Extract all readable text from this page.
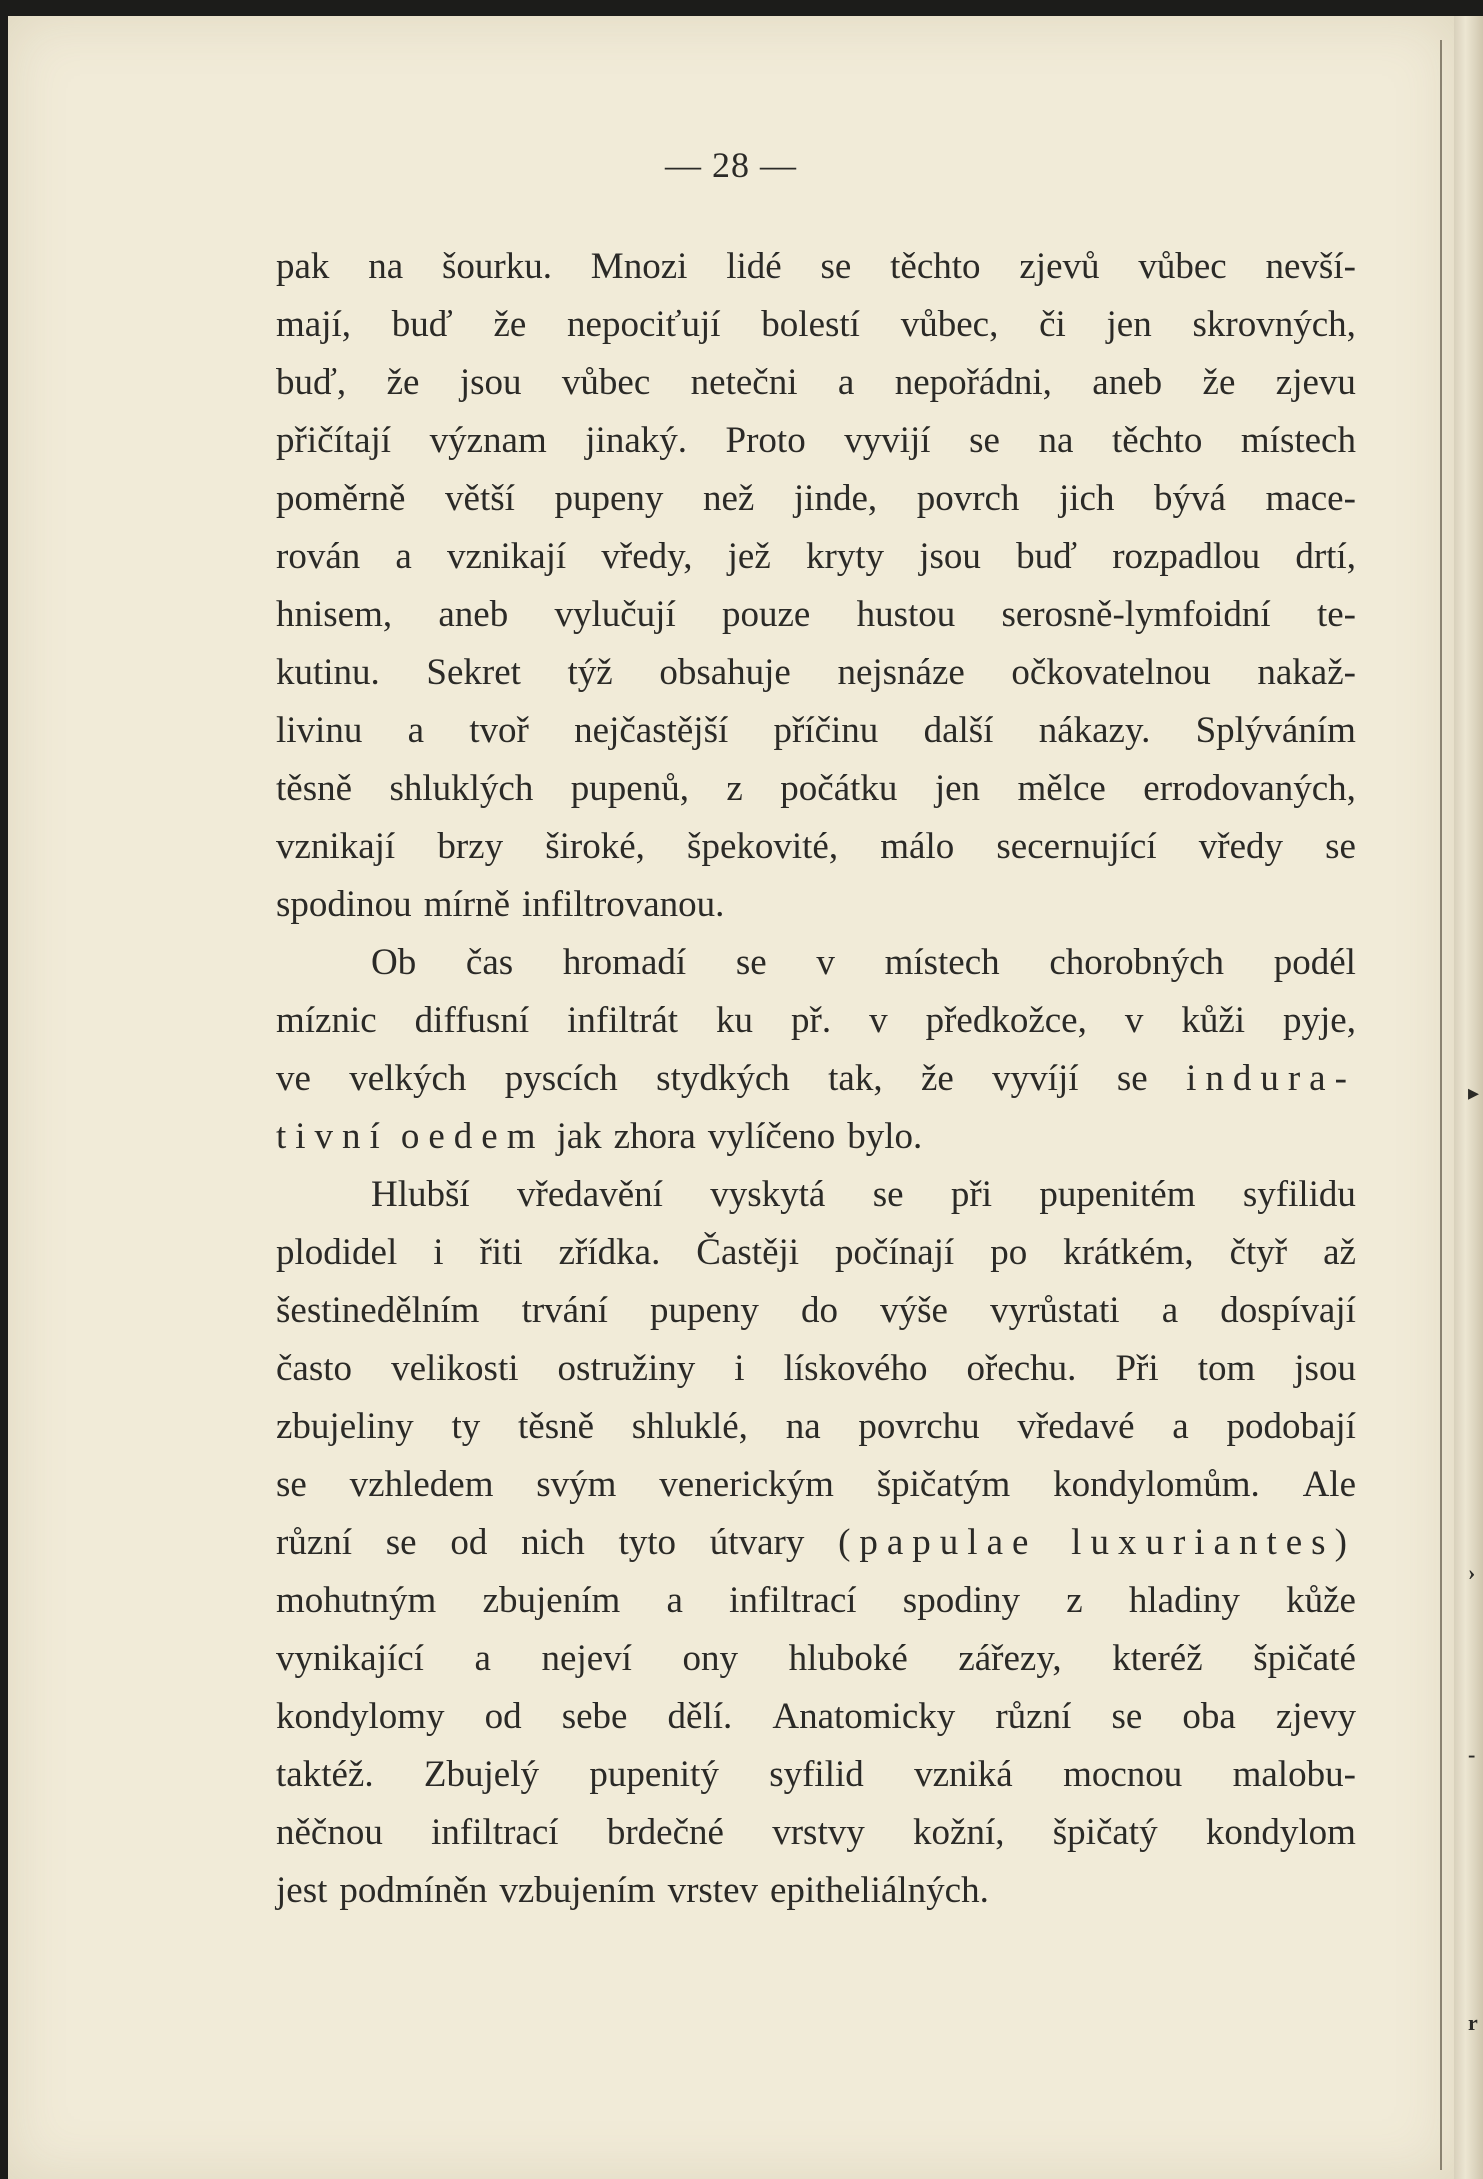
— 28 —
pak na šourku. Mnozi lidé se těchto zjevů vůbec nevší-
mají, buď že nepociťují bolestí vůbec, či jen skrovných,
buď, že jsou vůbec netečni a nepořádni, aneb že zjevu
přičítají význam jinaký. Proto vyvijí se na těchto místech
poměrně větší pupeny než jinde, povrch jich bývá mace-
rován a vznikají vředy, jež kryty jsou buď rozpadlou drtí,
hnisem, aneb vylučují pouze hustou serosně-lymfoidní te-
kutinu. Sekret týž obsahuje nejsnáze očkovatelnou nakaž-
livinu a tvoř nejčastější příčinu další nákazy. Splýváním
těsně shluklých pupenů, z počátku jen mělce errodovaných,
vznikají brzy široké, špekovité, málo secernující vředy se
spodinou mírně infiltrovanou.
Ob čas hromadí se v místech chorobných podél
míznic diffusní infiltrát ku př. v předkožce, v kůži pyje,
ve velkých pyscích stydkých tak, že vyvíjí se indura-
tivní oedem jak zhora vylíčeno bylo.
Hlubší vředavění vyskytá se při pupenitém syfilidu
plodidel i řiti zřídka. Častěji počínají po krátkém, čtyř až
šestinedělním trvání pupeny do výše vyrůstati a dospívají
často velikosti ostružiny i lískového ořechu. Při tom jsou
zbujeliny ty těsně shluklé, na povrchu vředavé a podobají
se vzhledem svým venerickým špičatým kondylomům. Ale
různí se od nich tyto útvary (papulae luxuriantes)
mohutným zbujením a infiltrací spodiny z hladiny kůže
vynikající a nejeví ony hluboké zářezy, kteréž špičaté
kondylomy od sebe dělí. Anatomicky různí se oba zjevy
taktéž. Zbujelý pupenitý syfilid vzniká mocnou malobu-
něčnou infiltrací brdečné vrstvy kožní, špičatý kondylom
jest podmíněn vzbujením vrstev epitheliálných.
▸
›
-
r
